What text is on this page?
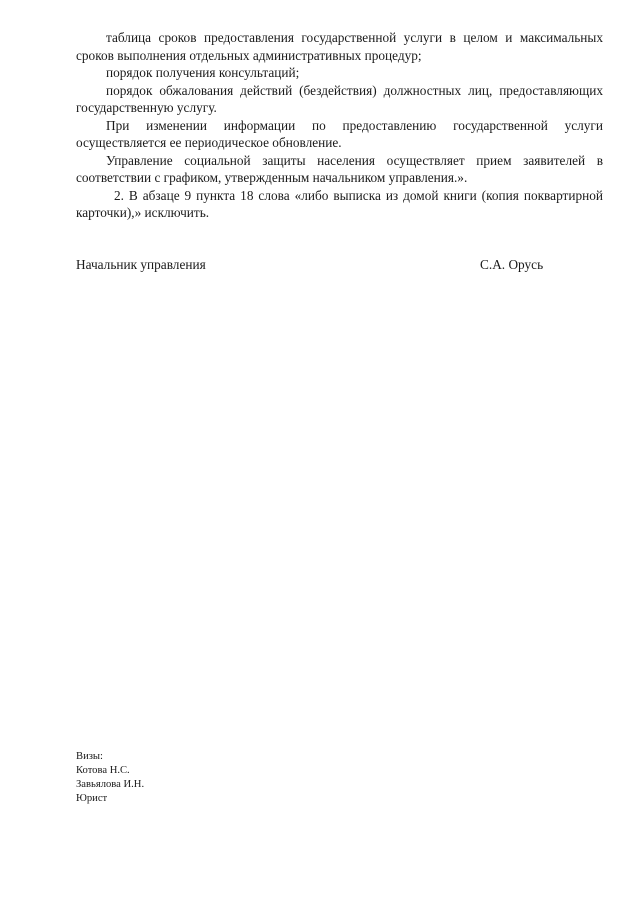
таблица сроков предоставления государственной услуги в целом и максимальных сроков выполнения отдельных административных процедур;

порядок получения консультаций;

порядок обжалования действий (бездействия) должностных лиц, предоставляющих государственную услугу.

При изменении информации по предоставлению государственной услуги осуществляется ее периодическое обновление.

Управление социальной защиты населения осуществляет прием заявителей в соответствии с графиком, утвержденным начальником управления.».

2. В абзаце 9 пункта 18 слова «либо выписка из домой книги (копия поквартирной карточки),» исключить.

Начальник управления	С.А. Орусь
Визы:
Котова Н.С.
Завьялова И.Н.
Юрист
